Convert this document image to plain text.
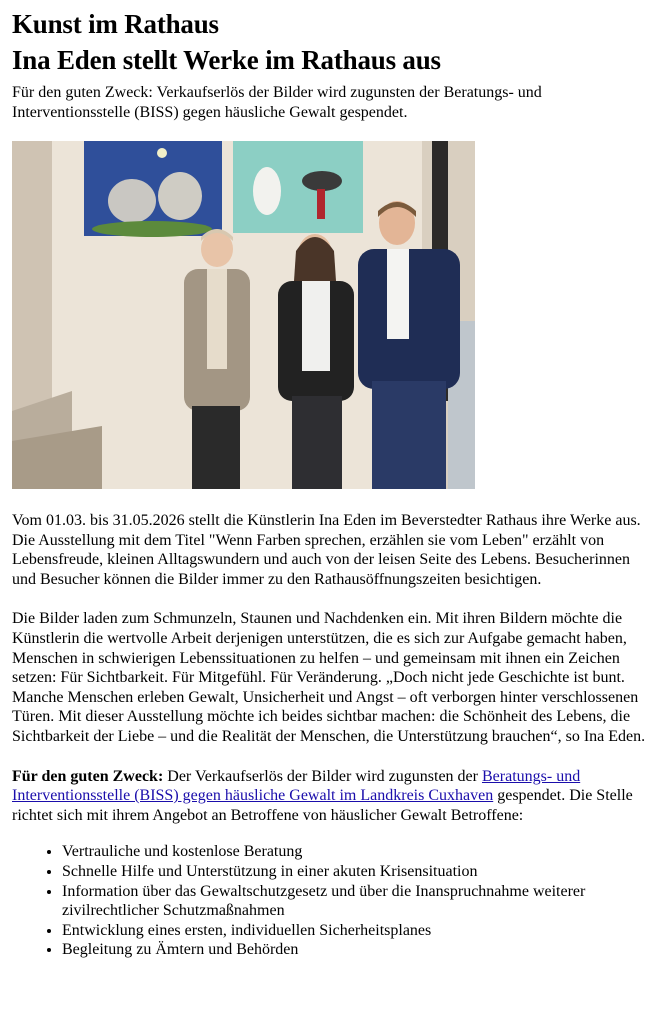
Kunst im Rathaus
Ina Eden stellt Werke im Rathaus aus

Für den guten Zweck: Verkaufserlös der Bilder wird zugunsten der Beratungs- und Interventionsstelle (BISS) gegen häusliche Gewalt gespendet.

Vom 01.03. bis 31.05.2026 stellt die Künstlerin Ina Eden im Beverstedter Rathaus ihre Werke aus. Die Ausstellung mit dem Titel "Wenn Farben sprechen, erzählen sie vom Leben" erzählt von Lebensfreude, kleinen Alltagswundern und auch von der leisen Seite des Lebens. Besucherinnen und Besucher können die Bilder immer zu den Rathausöffnungszeiten besichtigen.

Die Bilder laden zum Schmunzeln, Staunen und Nachdenken ein. Mit ihren Bildern möchte die Künstlerin die wertvolle Arbeit derjenigen unterstützen, die es sich zur Aufgabe gemacht haben, Menschen in schwierigen Lebenssituationen zu helfen – und gemeinsam mit ihnen ein Zeichen setzen: Für Sichtbarkeit. Für Mitgefühl. Für Veränderung. „Doch nicht jede Geschichte ist bunt. Manche Menschen erleben Gewalt, Unsicherheit und Angst – oft verborgen hinter verschlossenen Türen. Mit dieser Ausstellung möchte ich beides sichtbar machen: die Schönheit des Lebens, die Sichtbarkeit der Liebe – und die Realität der Menschen, die Unterstützung brauchen“, so Ina Eden.

Für den guten Zweck: Der Verkaufserlös der Bilder wird zugunsten der Beratungs- und Interventionsstelle (BISS) gegen häusliche Gewalt im Landkreis Cuxhaven gespendet. Die Stelle richtet sich mit ihrem Angebot an Betroffene von häuslicher Gewalt Betroffene:

• Vertrauliche und kostenlose Beratung
• Schnelle Hilfe und Unterstützung in einer akuten Krisensituation
• Information über das Gewaltschutzgesetz und über die Inanspruchnahme weiterer zivilrechtlicher Schutzmaßnahmen
• Entwicklung eines ersten, individuellen Sicherheitsplanes
• Begleitung zu Ämtern und Behörden
